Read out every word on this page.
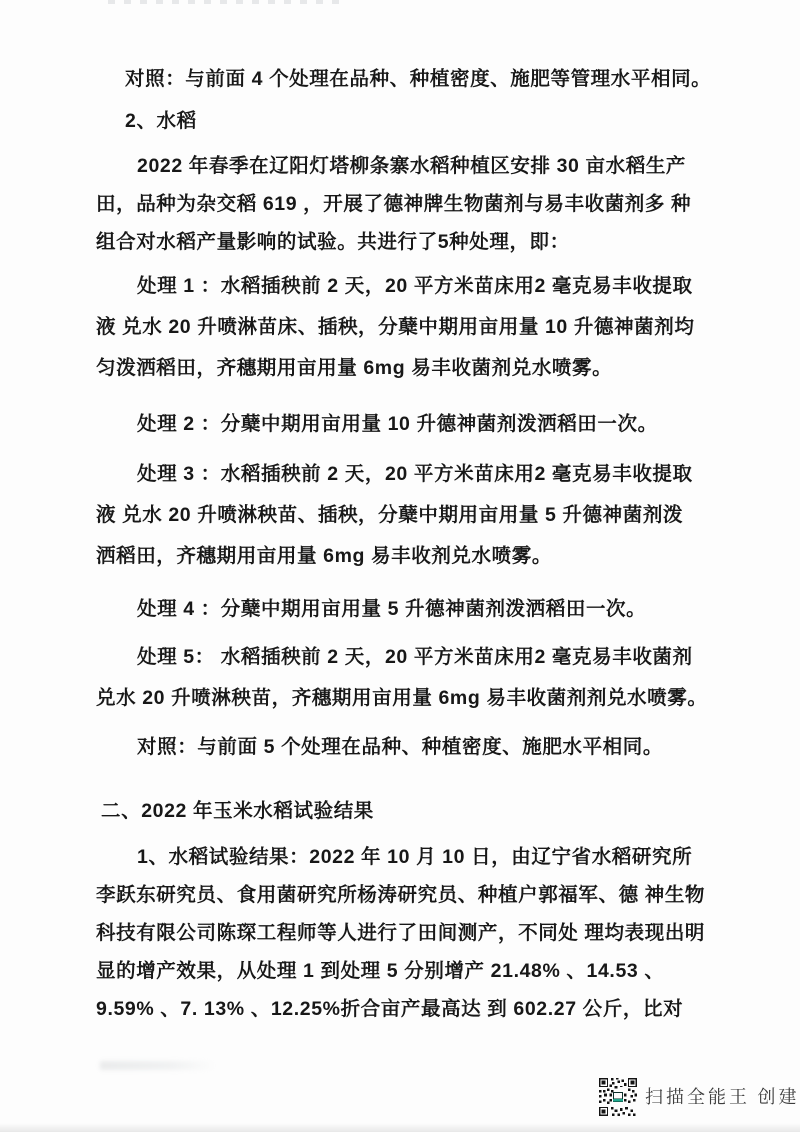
对照：与前面 4 个处理在品种、种植密度、施肥等管理水平相同。
2、水稻
2022 年春季在辽阳灯塔柳条寨水稻种植区安排 30 亩水稻生产
田，品种为杂交稻 619 ，开展了德神牌生物菌剂与易丰收菌剂多 种
组合对水稻产量影响的试验。共进行了5种处理，即：
处理 1 ：水稻插秧前 2 天，20 平方米苗床用2 毫克易丰收提取
液 兑水 20 升喷淋苗床、插秧，分蘖中期用亩用量 10 升德神菌剂均
匀泼洒稻田，齐穗期用亩用量 6mg 易丰收菌剂兑水喷雾。
处理 2 ：分蘖中期用亩用量 10 升德神菌剂泼洒稻田一次。
处理 3 ：水稻插秧前 2 天，20 平方米苗床用2 毫克易丰收提取
液 兑水 20 升喷淋秧苗、插秧，分蘖中期用亩用量 5 升德神菌剂泼
洒稻田，齐穗期用亩用量 6mg 易丰收剂兑水喷雾。
处理 4 ：分蘖中期用亩用量 5 升德神菌剂泼洒稻田一次。
处理 5： 水稻插秧前 2 天，20 平方米苗床用2 毫克易丰收菌剂
兑水 20 升喷淋秧苗，齐穗期用亩用量 6mg 易丰收菌剂剂兑水喷雾。
对照：与前面 5 个处理在品种、种植密度、施肥水平相同。
二、2022 年玉米水稻试验结果
1、水稻试验结果：2022 年 10 月 10 日，由辽宁省水稻研究所
李跃东研究员、食用菌研究所杨涛研究员、种植户郭福军、德 神生物
科技有限公司陈琛工程师等人进行了田间测产，不同处 理均表现出明
显的增产效果，从处理 1 到处理 5 分别增产 21.48% 、14.53 、
9.59% 、7. 13% 、12.25%折合亩产最高达 到 602.27 公斤，比对
扫描全能王 创建
